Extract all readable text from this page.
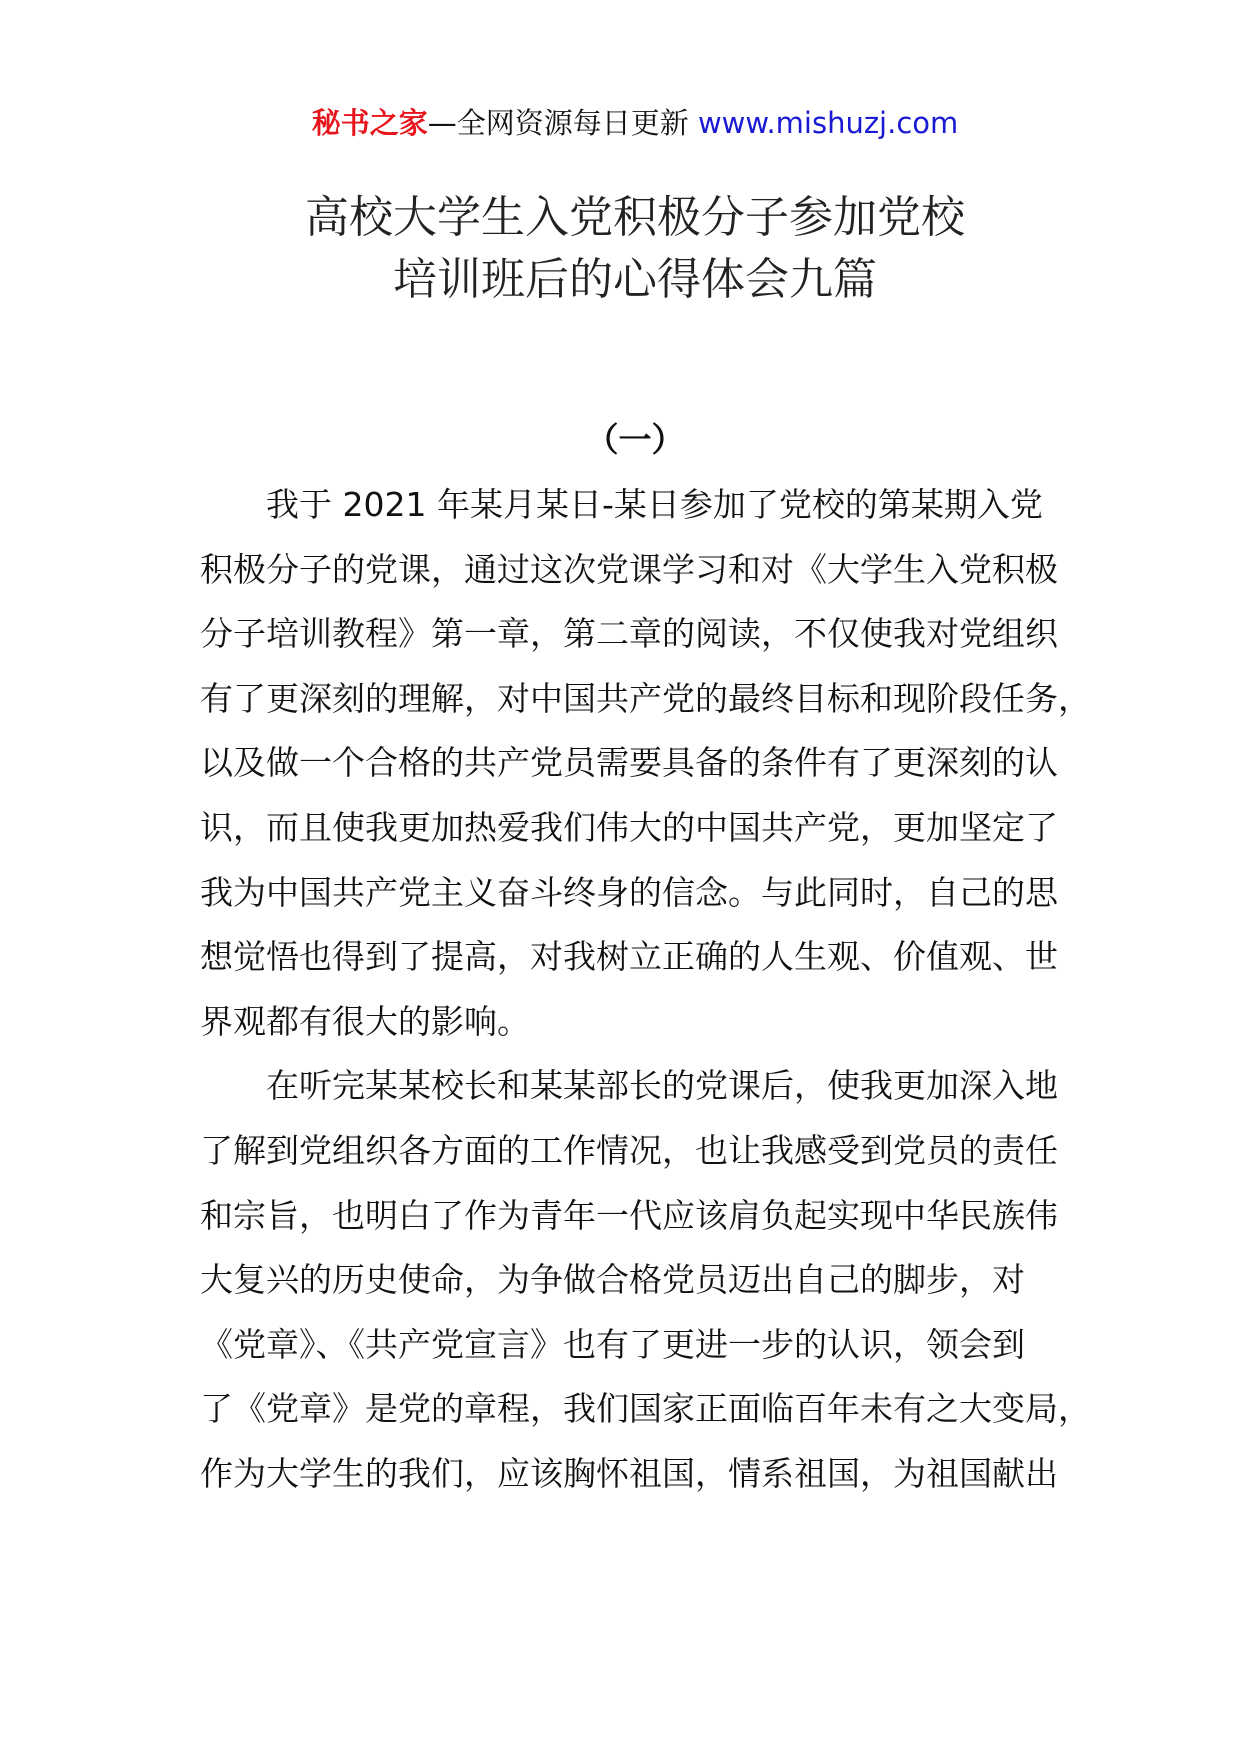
秘书之家—全网资源每日更新 www.mishuzj.com
高校大学生入党积极分子参加党校
培训班后的心得体会九篇
（一）

我于 2021 年某月某日-某日参加了党校的第某期入党
积极分子的党课，通过这次党课学习和对《大学生入党积极
分子培训教程》第一章，第二章的阅读，不仅使我对党组织
有了更深刻的理解，对中国共产党的最终目标和现阶段任务，
以及做一个合格的共产党员需要具备的条件有了更深刻的认
识，而且使我更加热爱我们伟大的中国共产党，更加坚定了
我为中国共产党主义奋斗终身的信念。与此同时，自己的思
想觉悟也得到了提高，对我树立正确的人生观、价值观、世
界观都有很大的影响。

在听完某某校长和某某部长的党课后，使我更加深入地
了解到党组织各方面的工作情况，也让我感受到党员的责任
和宗旨，也明白了作为青年一代应该肩负起实现中华民族伟
大复兴的历史使命，为争做合格党员迈出自己的脚步，对
《党章》、《共产党宣言》也有了更进一步的认识，领会到
了《党章》是党的章程，我们国家正面临百年未有之大变局，
作为大学生的我们，应该胸怀祖国，情系祖国，为祖国献出
